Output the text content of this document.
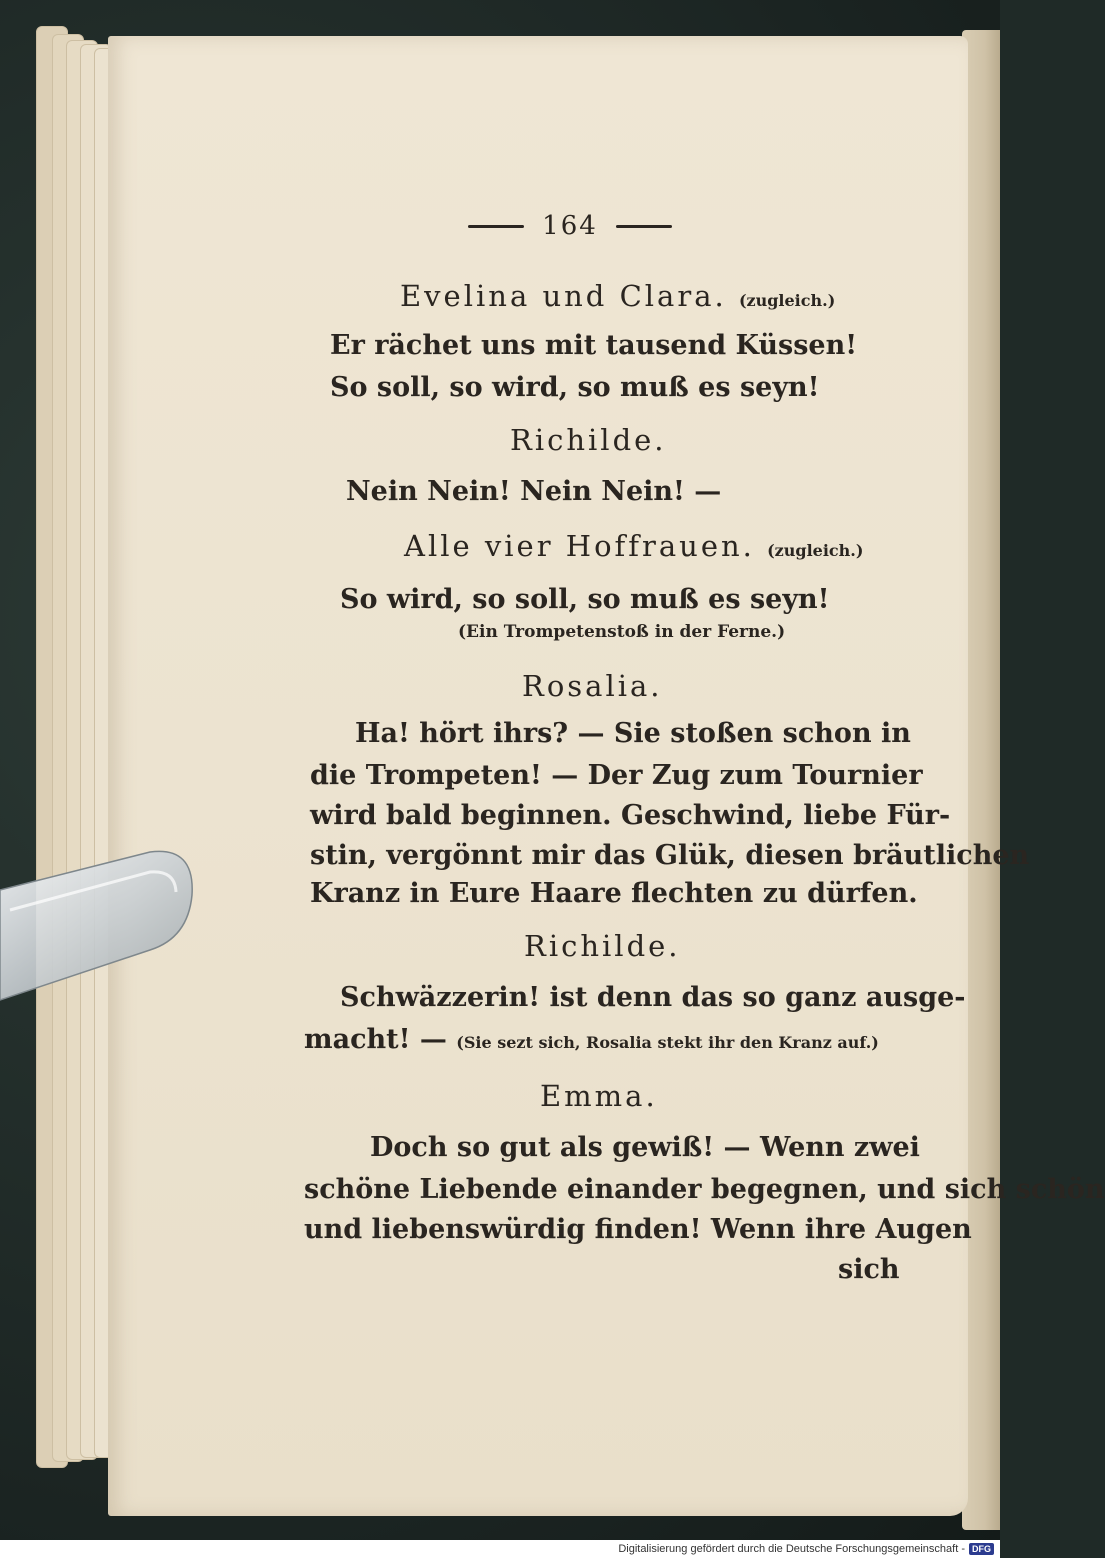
164
Evelina und Clara. (zugleich.)
Er rächet uns mit tausend Küssen!
So soll, so wird, so muß es seyn!
Richilde.
Nein Nein! Nein Nein! —
Alle vier Hoffrauen. (zugleich.)
So wird, so soll, so muß es seyn!
(Ein Trompetenstoß in der Ferne.)
Rosalia.
Ha! hört ihrs? — Sie stoßen schon in
die Trompeten! — Der Zug zum Tournier
wird bald beginnen. Geschwind, liebe Für-
stin, vergönnt mir das Glük, diesen bräutlichen
Kranz in Eure Haare flechten zu dürfen.
Richilde.
Schwäzzerin! ist denn das so ganz ausge-
macht! — (Sie sezt sich, Rosalia stekt ihr den Kranz auf.)
Emma.
Doch so gut als gewiß! — Wenn zwei
schöne Liebende einander begegnen, und sich schön
und liebenswürdig finden! Wenn ihre Augen
sich
Digitalisierung gefördert durch die Deutsche Forschungsgemeinschaft - DFG
